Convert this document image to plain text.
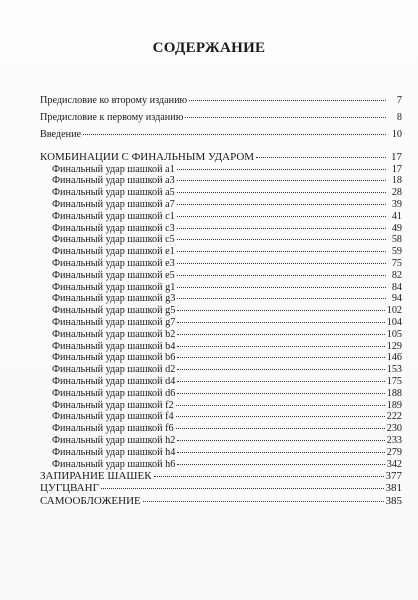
СОДЕРЖАНИЕ
Предисловие ко второму изданию	7
Предисловие к первому изданию	8
Введение	10
КОМБИНАЦИИ С ФИНАЛЬНЫМ УДАРОМ	17
Финальный удар шашкой a1	17
Финальный удар шашкой a3	18
Финальный удар шашкой a5	28
Финальный удар шашкой a7	39
Финальный удар шашкой c1	41
Финальный удар шашкой c3	49
Финальный удар шашкой c5	58
Финальный удар шашкой e1	59
Финальный удар шашкой e3	75
Финальный удар шашкой e5	82
Финальный удар шашкой g1	84
Финальный удар шашкой g3	94
Финальный удар шашкой g5	102
Финальный удар шашкой g7	104
Финальный удар шашкой b2	105
Финальный удар шашкой b4	129
Финальный удар шашкой b6	146
Финальный удар шашкой d2	153
Финальный удар шашкой d4	175
Финальный удар шашкой d6	188
Финальный удар шашкой f2	189
Финальный удар шашкой f4	222
Финальный удар шашкой f6	230
Финальный удар шашкой h2	233
Финальный удар шашкой h4	279
Финальный удар шашкой h6	342
ЗАПИРАНИЕ ШАШЕК	377
ЦУГЦВАНГ	381
САМООБЛОЖЕНИЕ	385
